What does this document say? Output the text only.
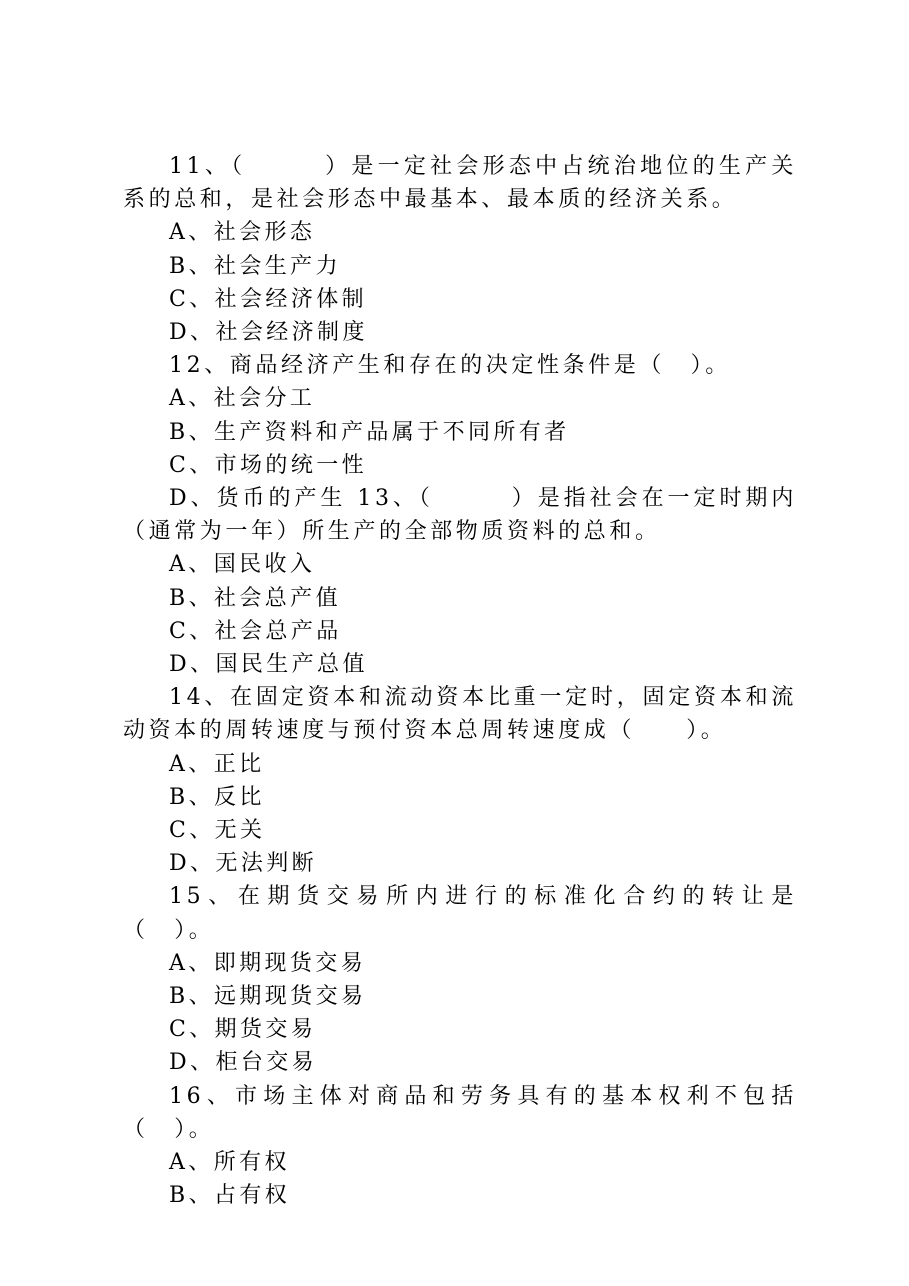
11、（　　　）是一定社会形态中占统治地位的生产关系的总和，是社会形态中最基本、最本质的经济关系。

A、社会形态

B、社会生产力

C、社会经济体制

D、社会经济制度

12、商品经济产生和存在的决定性条件是（　）。

A、社会分工

B、生产资料和产品属于不同所有者

C、市场的统一性

D、货币的产生 13、（　　　）是指社会在一定时期内（通常为一年）所生产的全部物质资料的总和。

A、国民收入

B、社会总产值

C、社会总产品

D、国民生产总值

14、在固定资本和流动资本比重一定时，固定资本和流动资本的周转速度与预付资本总周转速度成（　　）。

A、正比

B、反比

C、无关

D、无法判断

15、在期货交易所内进行的标准化合约的转让是（　）。

A、即期现货交易

B、远期现货交易

C、期货交易

D、柜台交易

16、市场主体对商品和劳务具有的基本权利不包括（　）。

A、所有权

B、占有权
